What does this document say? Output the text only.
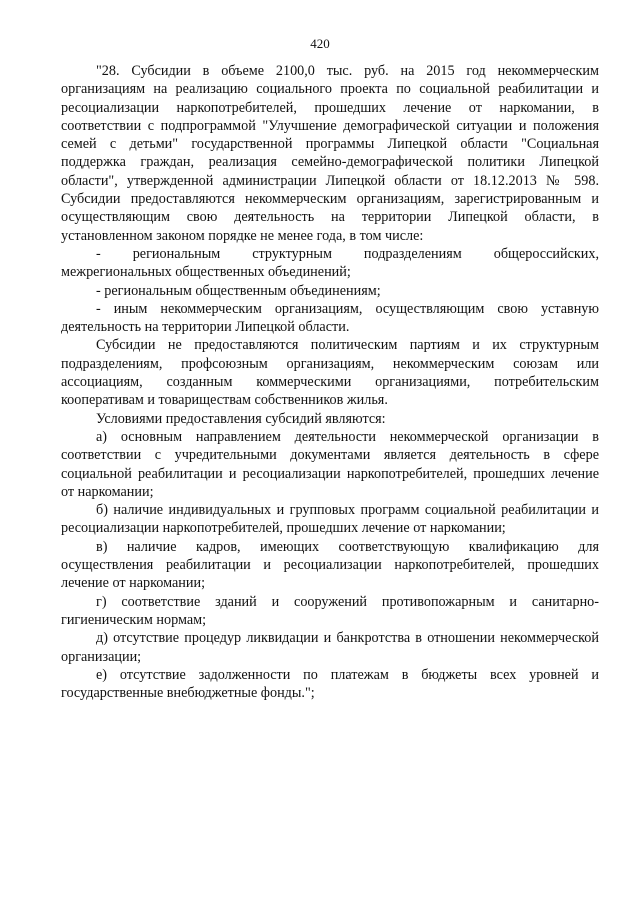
420

"28. Субсидии в объеме 2100,0 тыс. руб. на 2015 год некоммерческим организациям на реализацию социального проекта по социальной реабилитации и ресоциализации наркопотребителей, прошедших лечение от наркомании, в соответствии с подпрограммой "Улучшение демографической ситуации и положения семей с детьми" государственной программы Липецкой области "Социальная поддержка граждан, реализация семейно-демографической политики Липецкой области", утвержденной администрации Липецкой области от 18.12.2013 № 598. Субсидии предоставляются некоммерческим организациям, зарегистрированным и осуществляющим свою деятельность на территории Липецкой области, в установленном законом порядке не менее года, в том числе:

- региональным структурным подразделениям общероссийских, межрегиональных общественных объединений;

- региональным общественным объединениям;

- иным некоммерческим организациям, осуществляющим свою уставную деятельность на территории Липецкой области.

Субсидии не предоставляются политическим партиям и их структурным подразделениям, профсоюзным организациям, некоммерческим союзам или ассоциациям, созданным коммерческими организациями, потребительским кооперативам и товариществам собственников жилья.

Условиями предоставления субсидий являются:

а) основным направлением деятельности некоммерческой организации в соответствии с учредительными документами является деятельность в сфере социальной реабилитации и ресоциализации наркопотребителей, прошедших лечение от наркомании;

б) наличие индивидуальных и групповых программ социальной реабилитации и ресоциализации наркопотребителей, прошедших лечение от наркомании;

в) наличие кадров, имеющих соответствующую квалификацию для осуществления реабилитации и ресоциализации наркопотребителей, прошедших лечение от наркомании;

г) соответствие зданий и сооружений противопожарным и санитарно-гигиеническим нормам;

д) отсутствие процедур ликвидации и банкротства в отношении некоммерческой организации;

е) отсутствие задолженности по платежам в бюджеты всех уровней и государственные внебюджетные фонды.";
